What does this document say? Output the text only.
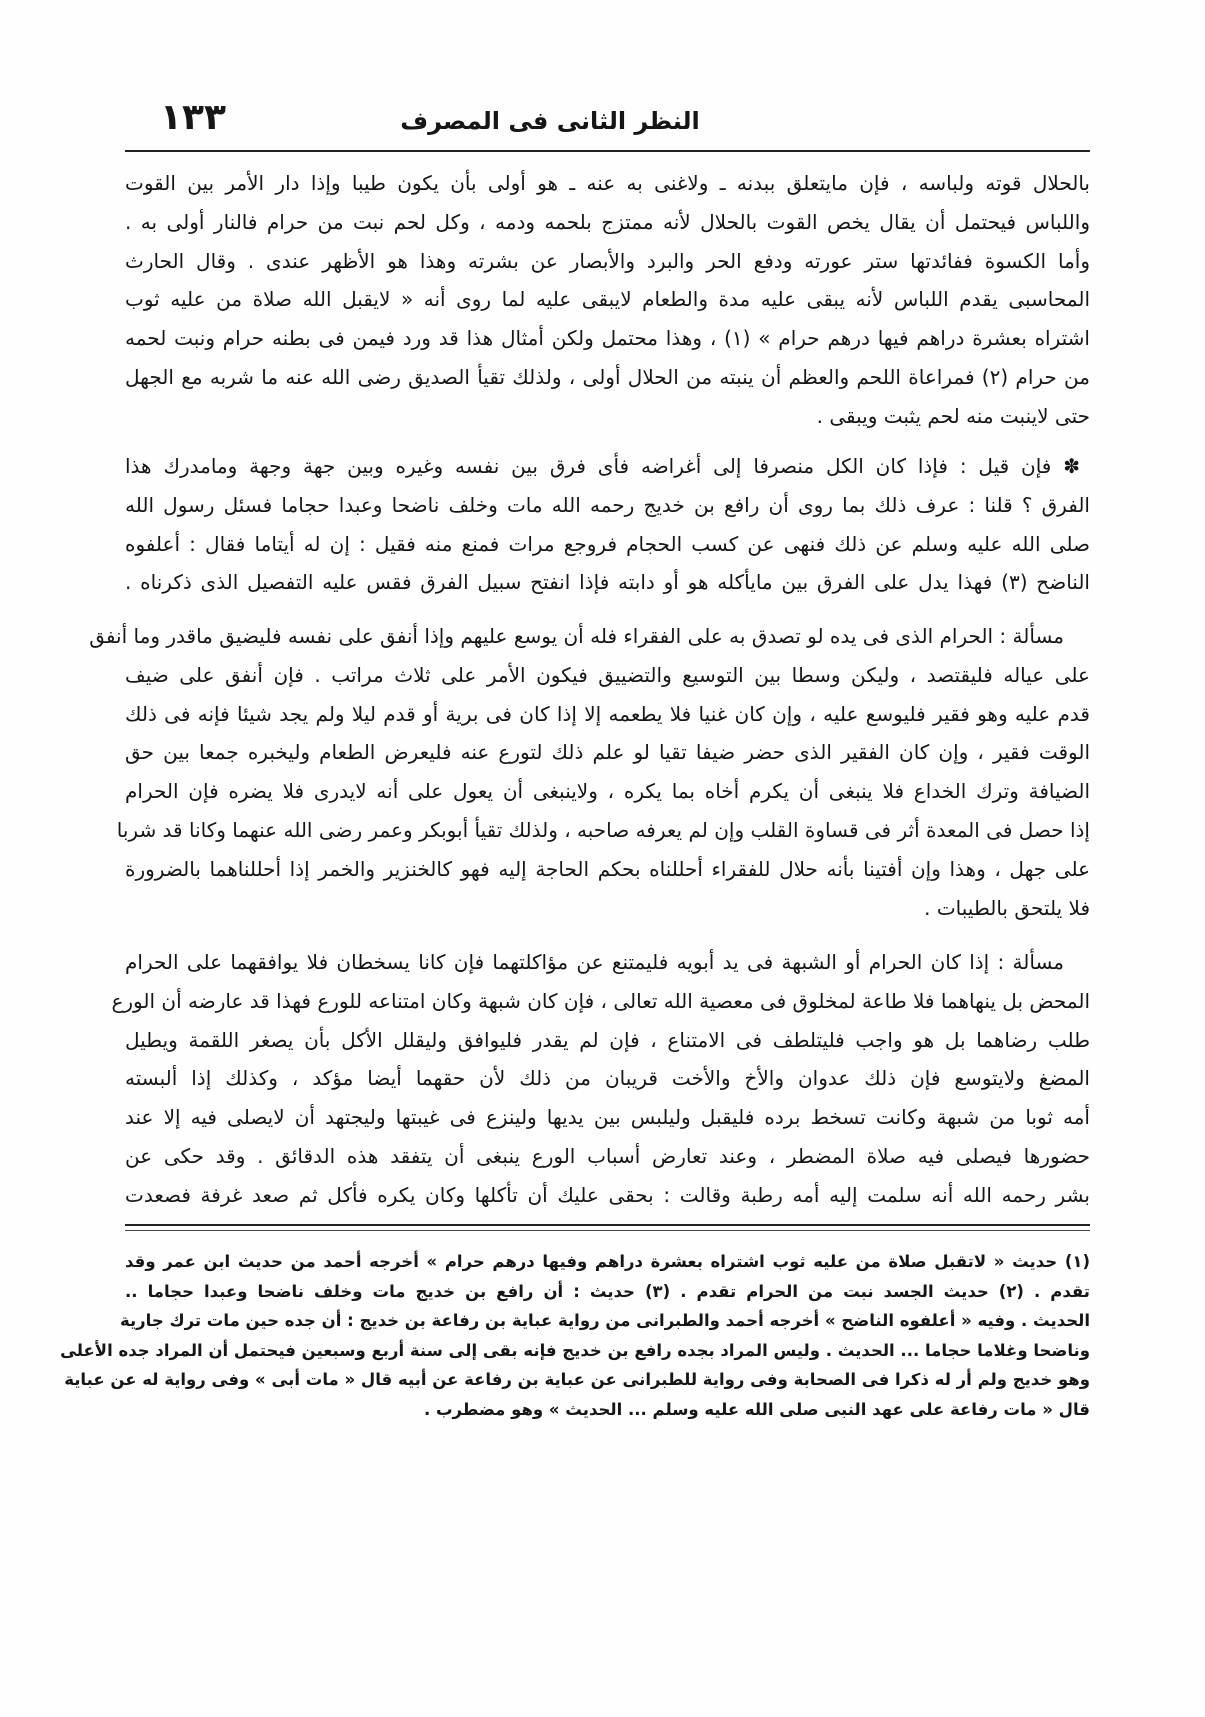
١٣٣	النظر الثانى فى المصرف
بالحلال قوته ولباسه ، فإن مايتعلق ببدنه ـ ولاغنى به عنه ـ هو أولى بأن يكون طيبا وإذا دار الأمر بين القوت
واللباس فيحتمل أن يقال يخص القوت بالحلال لأنه ممتزج بلحمه ودمه ، وكل لحم نبت من حرام فالنار أولى به .
وأما الكسوة ففائدتها ستر عورته ودفع الحر والبرد والأبصار عن بشرته وهذا هو الأظهر عندى . وقال الحارث
المحاسبى يقدم اللباس لأنه يبقى عليه مدة والطعام لايبقى عليه لما روى أنه « لايقبل الله صلاة من عليه ثوب
اشتراه بعشرة دراهم فيها درهم حرام » (١) ، وهذا محتمل ولكن أمثال هذا قد ورد فيمن فى بطنه حرام ونبت لحمه
من حرام (٢) فمراعاة اللحم والعظم أن ينبته من الحلال أولى ، ولذلك تقيأ الصديق رضى الله عنه ما شربه مع الجهل
حتى لاينبت منه لحم يثبت ويبقى .
✽ فإن قيل : فإذا كان الكل منصرفا إلى أغراضه فأى فرق بين نفسه وغيره وبين جهة وجهة ومامدرك هذا
الفرق ؟ قلنا : عرف ذلك بما روى أن رافع بن خديج رحمه الله مات وخلف ناضحا وعبدا حجاما فسئل رسول الله
صلى الله عليه وسلم عن ذلك فنهى عن كسب الحجام فروجع مرات فمنع منه فقيل : إن له أيتاما فقال : أعلفوه
الناضح (٣) فهذا يدل على الفرق بين مايأكله هو أو دابته فإذا انفتح سبيل الفرق فقس عليه التفصيل الذى ذكرناه .
مسألة : الحرام الذى فى يده لو تصدق به على الفقراء فله أن يوسع عليهم وإذا أنفق على نفسه فليضيق ماقدر وما أنفق
على عياله فليقتصد ، وليكن وسطا بين التوسيع والتضييق فيكون الأمر على ثلاث مراتب . فإن أنفق على ضيف
قدم عليه وهو فقير فليوسع عليه ، وإن كان غنيا فلا يطعمه إلا إذا كان فى برية أو قدم ليلا ولم يجد شيئا فإنه فى ذلك
الوقت فقير ، وإن كان الفقير الذى حضر ضيفا تقيا لو علم ذلك لتورع عنه فليعرض الطعام وليخبره جمعا بين حق
الضيافة وترك الخداع فلا ينبغى أن يكرم أخاه بما يكره ، ولاينبغى أن يعول على أنه لايدرى فلا يضره فإن الحرام
إذا حصل فى المعدة أثر فى قساوة القلب وإن لم يعرفه صاحبه ، ولذلك تقيأ أبوبكر وعمر رضى الله عنهما وكانا قد شربا
على جهل ، وهذا وإن أفتينا بأنه حلال للفقراء أحللناه بحكم الحاجة إليه فهو كالخنزير والخمر إذا أحللناهما بالضرورة
فلا يلتحق بالطيبات .
مسألة : إذا كان الحرام أو الشبهة فى يد أبويه فليمتنع عن مؤاكلتهما فإن كانا يسخطان فلا يوافقهما على الحرام
المحض بل ينهاهما فلا طاعة لمخلوق فى معصية الله تعالى ، فإن كان شبهة وكان امتناعه للورع فهذا قد عارضه أن الورع
طلب رضاهما بل هو واجب فليتلطف فى الامتناع ، فإن لم يقدر فليوافق وليقلل الأكل بأن يصغر اللقمة ويطيل
المضغ ولايتوسع فإن ذلك عدوان والأخ والأخت قريبان من ذلك لأن حقهما أيضا مؤكد ، وكذلك إذا ألبسته
أمه ثوبا من شبهة وكانت تسخط برده فليقبل وليلبس بين يديها ولينزع فى غيبتها وليجتهد أن لايصلى فيه إلا عند
حضورها فيصلى فيه صلاة المضطر ، وعند تعارض أسباب الورع ينبغى أن يتفقد هذه الدقائق . وقد حكى عن
بشر رحمه الله أنه سلمت إليه أمه رطبة وقالت : بحقى عليك أن تأكلها وكان يكره فأكل ثم صعد غرفة فصعدت
(١) حديث « لاتقبل صلاة من عليه ثوب اشتراه بعشرة دراهم وفيها درهم حرام » أخرجه أحمد من حديث ابن عمر وقد
تقدم . (٢) حديث الجسد نبت من الحرام تقدم . (٣) حديث : أن رافع بن خديج مات وخلف ناضحا وعبدا حجاما ..
الحديث . وفيه « أعلفوه الناضح » أخرجه أحمد والطبرانى من رواية عباية بن رفاعة بن خديج : أن جده حين مات ترك جارية
وناضحا وغلاما حجاما ... الحديث . وليس المراد بجده رافع بن خديج فإنه بقى إلى سنة أربع وسبعين فيحتمل أن المراد جده الأعلى
وهو خديج ولم أر له ذكرا فى الصحابة وفى رواية للطبرانى عن عباية بن رفاعة عن أبيه قال « مات أبى » وفى رواية له عن عباية
قال « مات رفاعة على عهد النبى صلى الله عليه وسلم ... الحديث » وهو مضطرب .
